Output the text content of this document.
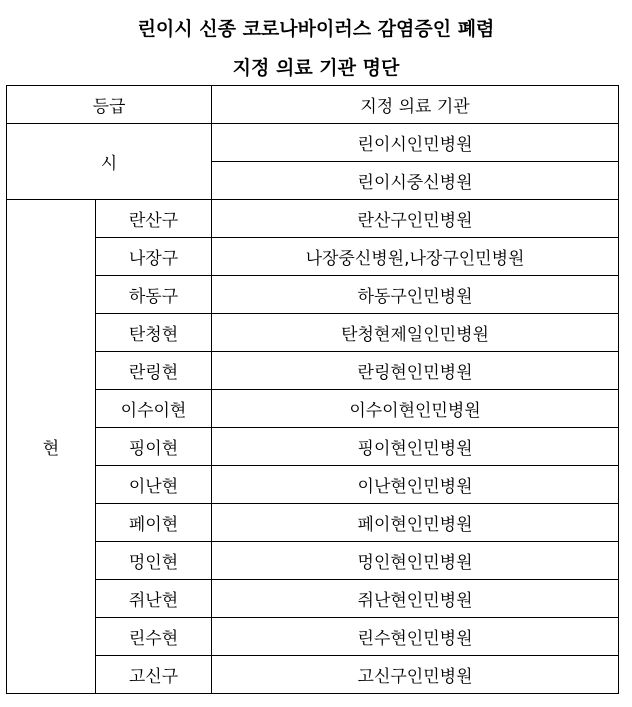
린이시 신종 코로나바이러스 감염증인 폐렴
지정 의료 기관 명단
등급		지정 의료 기관
시		린이시인민병원
		린이시중신병원
현	란산구	란산구인민병원
	나장구	나장중신병원,나장구인민병원
	하동구	하동구인민병원
	탄청현	탄청현제일인민병원
	란링현	란링현인민병원
	이수이현	이수이현인민병원
	핑이현	핑이현인민병원
	이난현	이난현인민병원
	페이현	페이현인민병원
	멍인현	멍인현인민병원
	쥐난현	쥐난현인민병원
	린수현	린수현인민병원
	고신구	고신구인민병원
